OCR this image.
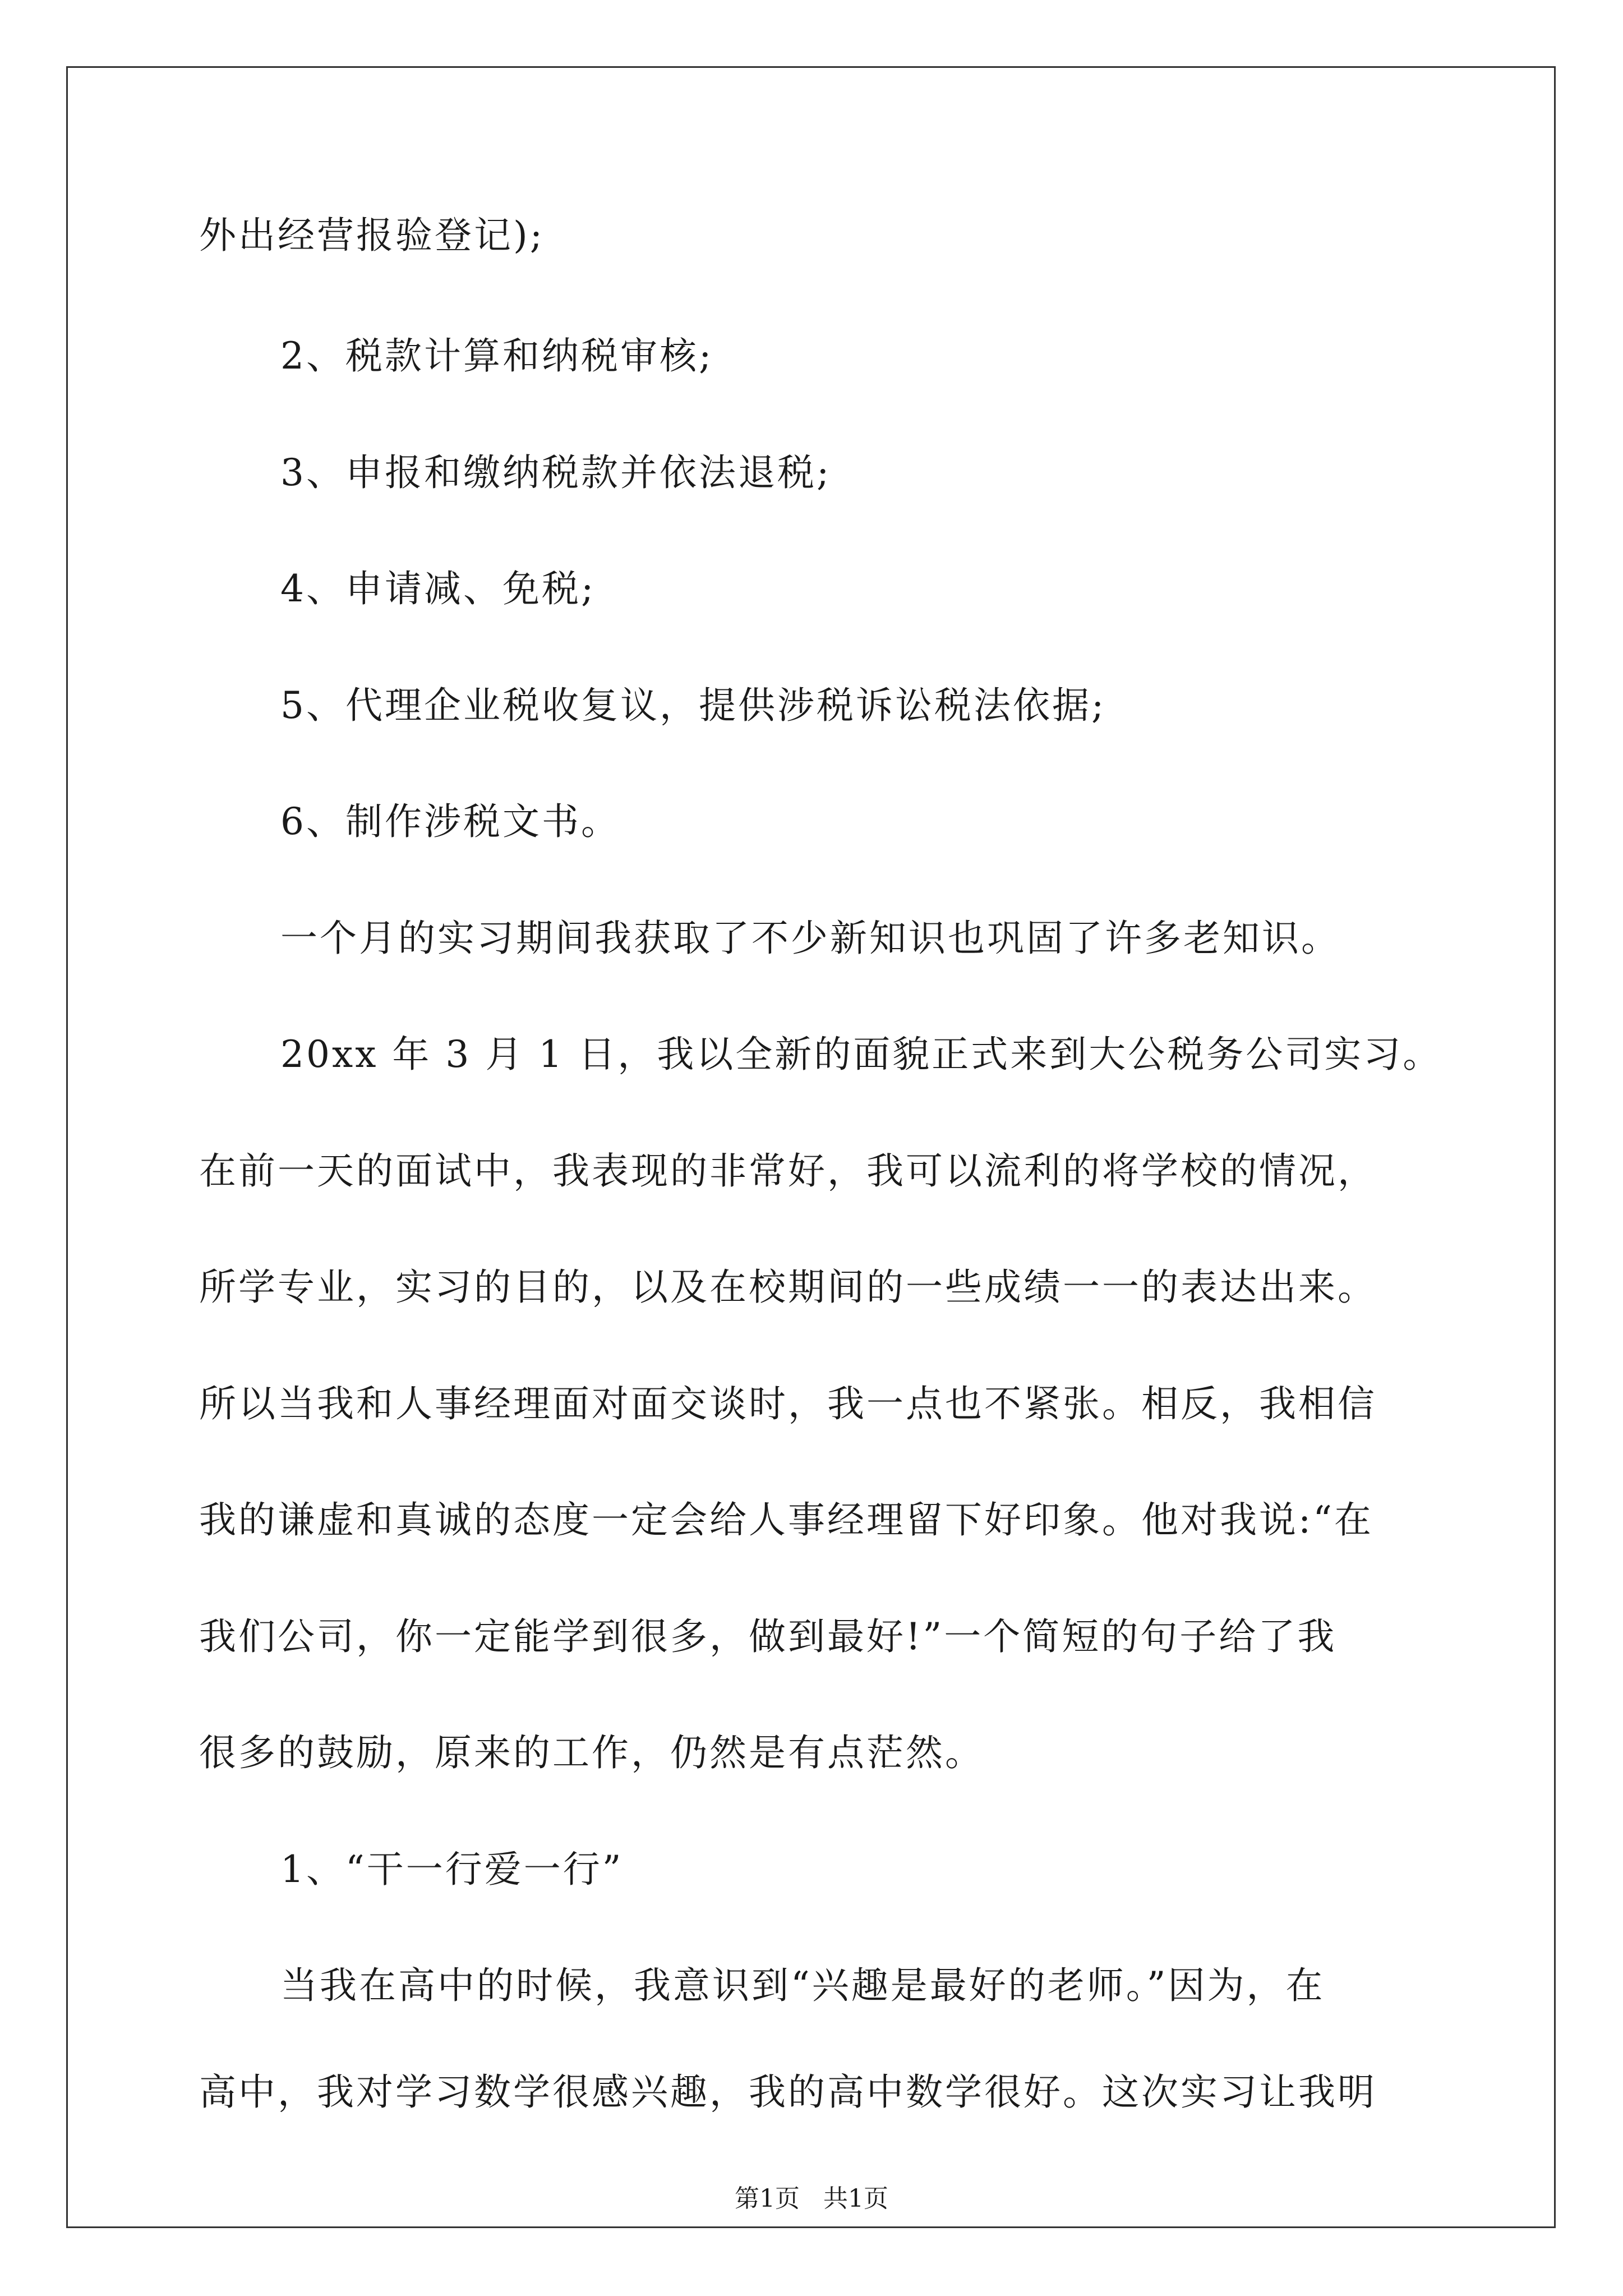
外出经营报验登记);

2、税款计算和纳税审核;

3、申报和缴纳税款并依法退税;

4、申请减、免税;

5、代理企业税收复议，提供涉税诉讼税法依据;

6、制作涉税文书。

一个月的实习期间我获取了不少新知识也巩固了许多老知识。

20xx 年 3 月 1 日，我以全新的面貌正式来到大公税务公司实习。

在前一天的面试中，我表现的非常好，我可以流利的将学校的情况，

所学专业，实习的目的，以及在校期间的一些成绩一一的表达出来。

所以当我和人事经理面对面交谈时，我一点也不紧张。相反，我相信

我的谦虚和真诚的态度一定会给人事经理留下好印象。他对我说:“在

我们公司，你一定能学到很多，做到最好!”一个简短的句子给了我

很多的鼓励，原来的工作，仍然是有点茫然。

1、“干一行爱一行”

当我在高中的时候，我意识到“兴趣是最好的老师。”因为，在

高中，我对学习数学很感兴趣，我的高中数学很好。这次实习让我明

第1页   共1页
